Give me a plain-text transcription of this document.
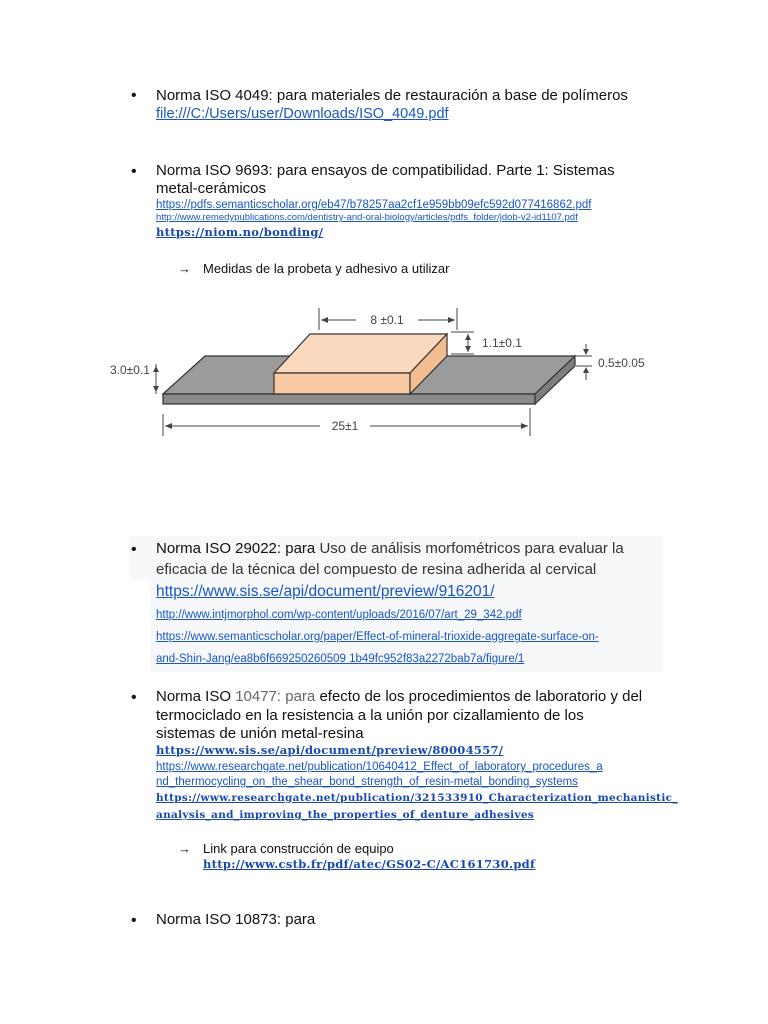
• Norma ISO 4049: para materiales de restauración a base de polímeros
file:///C:/Users/user/Downloads/ISO_4049.pdf
• Norma ISO 9693: para ensayos de compatibilidad. Parte 1: Sistemas
metal-cerámicos
https://pdfs.semanticscholar.org/eb47/b78257aa2cf1e959bb09efc592d077416862.pdf
http://www.remedypublications.com/dentistry-and-oral-biology/articles/pdfs_folder/jdob-v2-id1107.pdf
https://niom.no/bonding/
→ Medidas de la probeta y adhesivo a utilizar
8 ±0.1
1.1±0.1
0.5±0.05
3.0±0.1
25±1
• Norma ISO 29022: para Uso de análisis morfométricos para evaluar la
eficacia de la técnica del compuesto de resina adherida al cervical
https://www.sis.se/api/document/preview/916201/
http://www.intjmorphol.com/wp-content/uploads/2016/07/art_29_342.pdf
https://www.semanticscholar.org/paper/Effect-of-mineral-trioxide-aggregate-surface-on-
and-Shin-Jang/ea8b6f669250260509 1b49fc952f83a2272bab7a/figure/1
• Norma ISO 10477: para efecto de los procedimientos de laboratorio y del
termociclado en la resistencia a la unión por cizallamiento de los
sistemas de unión metal-resina
https://www.sis.se/api/document/preview/80004557/
https://www.researchgate.net/publication/10640412_Effect_of_laboratory_procedures_a
nd_thermocycling_on_the_shear_bond_strength_of_resin-metal_bonding_systems
https://www.researchgate.net/publication/321533910_Characterization_mechanistic_
analysis_and_improving_the_properties_of_denture_adhesives
→ Link para construcción de equipo
http://www.cstb.fr/pdf/atec/GS02-C/AC161730.pdf
• Norma ISO 10873: para
